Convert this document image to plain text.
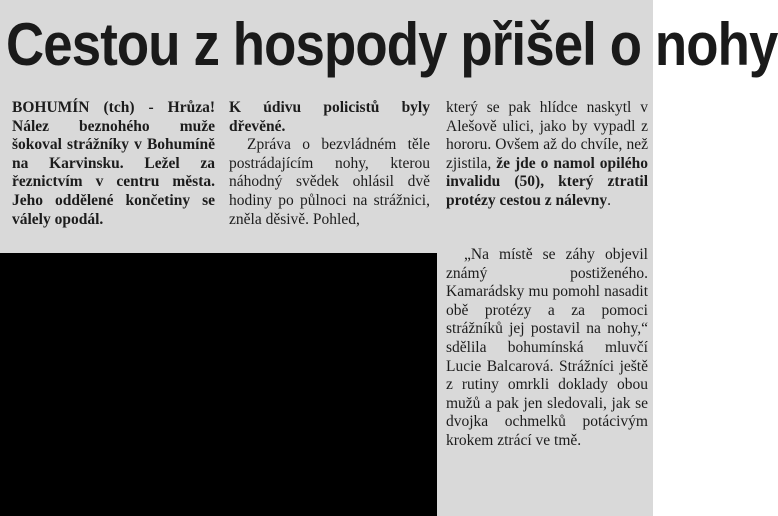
Cestou z hospody přišel o nohy

BOHUMÍN (tch) - Hrůza! Nález beznohého muže šokoval strážníky v Bohumíně na Karvinsku. Ležel za řeznictvím v centru města. Jeho oddělené končetiny se válely opodál.

K údivu policistů byly dřevěné.

Zpráva o bezvládném těle postrádajícím nohy, kterou náhodný svědek ohlásil dvě hodiny po půlnoci na strážnici, zněla děsivě. Pohled,

který se pak hlídce naskytl v Alešově ulici, jako by vypadl z hororu. Ovšem až do chvíle, než zjistila, že jde o namol opilého invalidu (50), který ztratil protézy cestou z nálevny.

„Na místě se záhy objevil známý postiženého. Kamarádsky mu pomohl nasadit obě protézy a za pomoci strážníků jej postavil na nohy,“ sdělila bohumínská mluvčí Lucie Balcarová. Strážníci ještě z rutiny omrkli doklady obou mužů a pak jen sledovali, jak se dvojka ochmelků potácivým krokem ztrácí ve tmě.
